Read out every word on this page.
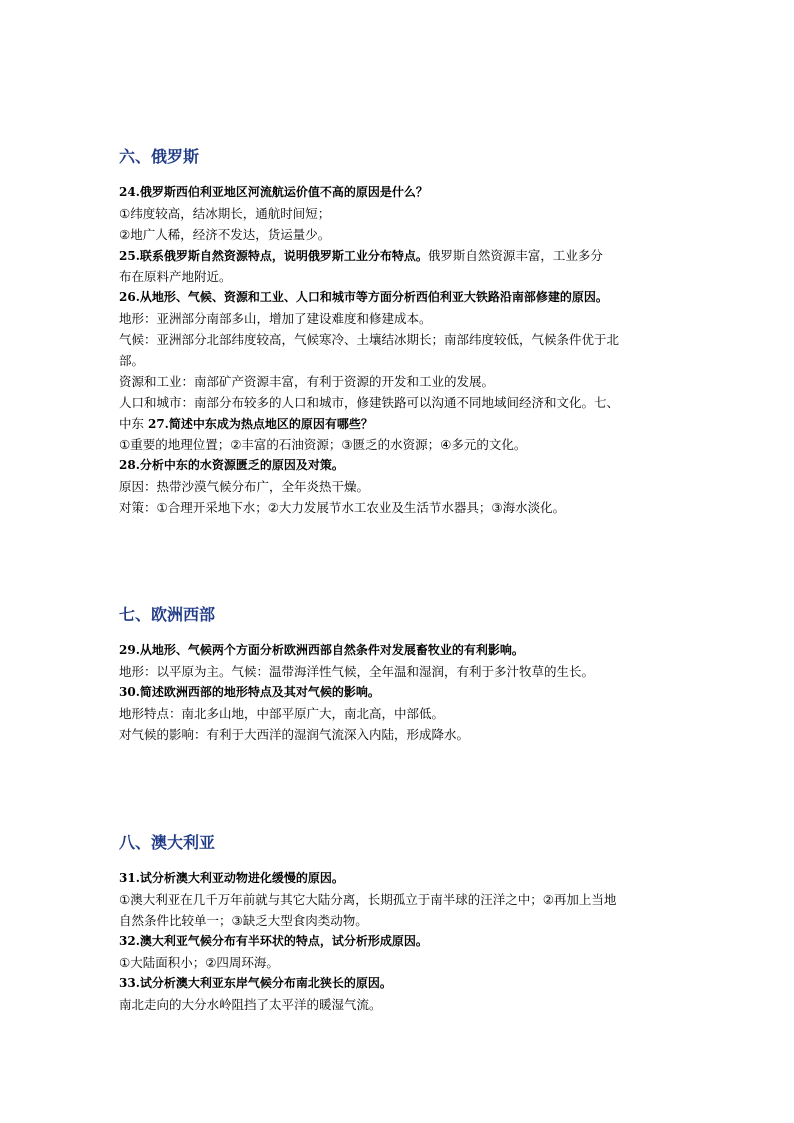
六、俄罗斯
24.俄罗斯西伯利亚地区河流航运价值不高的原因是什么？
①纬度较高，结冰期长，通航时间短；
②地广人稀，经济不发达，货运量少。
25.联系俄罗斯自然资源特点，说明俄罗斯工业分布特点。俄罗斯自然资源丰富，工业多分
布在原料产地附近。
26.从地形、气候、资源和工业、人口和城市等方面分析西伯利亚大铁路沿南部修建的原因。
地形：亚洲部分南部多山，增加了建设难度和修建成本。
气候：亚洲部分北部纬度较高，气候寒冷、土壤结冰期长；南部纬度较低，气候条件优于北
部。
资源和工业：南部矿产资源丰富，有利于资源的开发和工业的发展。
人口和城市：南部分布较多的人口和城市，修建铁路可以沟通不同地域间经济和文化。七、
中东 27.简述中东成为热点地区的原因有哪些？
①重要的地理位置；②丰富的石油资源；③匮乏的水资源；④多元的文化。
28.分析中东的水资源匮乏的原因及对策。
原因：热带沙漠气候分布广，全年炎热干燥。
对策：①合理开采地下水；②大力发展节水工农业及生活节水器具；③海水淡化。
七、欧洲西部
29.从地形、气候两个方面分析欧洲西部自然条件对发展畜牧业的有利影响。
地形：以平原为主。气候：温带海洋性气候，全年温和湿润，有利于多汁牧草的生长。
30.简述欧洲西部的地形特点及其对气候的影响。
地形特点：南北多山地，中部平原广大，南北高，中部低。
对气候的影响：有利于大西洋的湿润气流深入内陆，形成降水。
八、澳大利亚
31.试分析澳大利亚动物进化缓慢的原因。
①澳大利亚在几千万年前就与其它大陆分离，长期孤立于南半球的汪洋之中；②再加上当地
自然条件比较单一；③缺乏大型食肉类动物。
32.澳大利亚气候分布有半环状的特点，试分析形成原因。
①大陆面积小；②四周环海。
33.试分析澳大利亚东岸气候分布南北狭长的原因。
南北走向的大分水岭阻挡了太平洋的暖湿气流。
